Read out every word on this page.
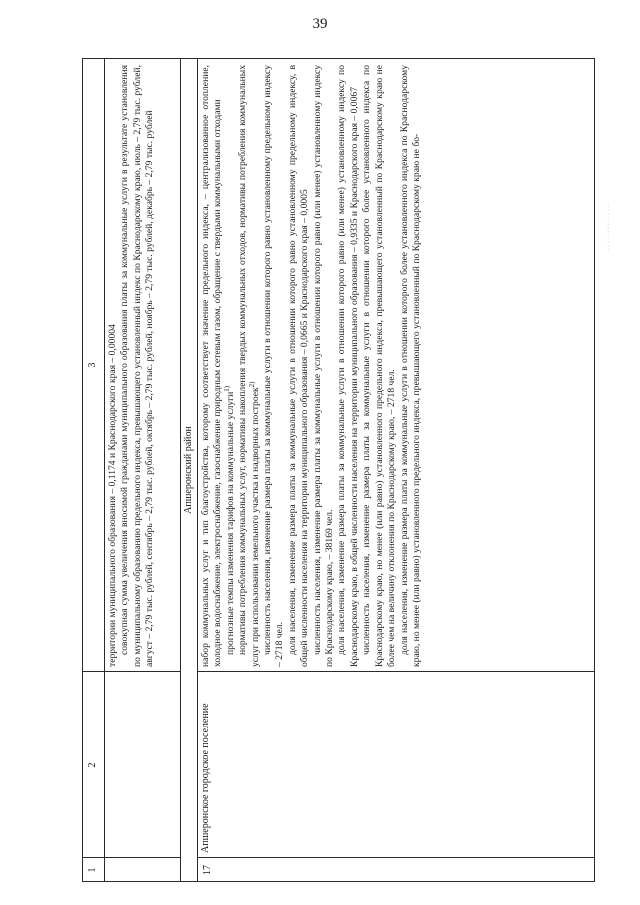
39
1
2
3 территории муниципального образования – 0,1174 и Краснодарского края – 0,00004 совокупная сумма увеличения вносимой гражданами муниципального образования платы за коммунальные услуги в результате установления по муниципальному образованию предельного индекса, превышающего установленный индекс по Краснодарскому краю, июль – 2,79 тыс. рублей, август – 2,79 тыс. рублей, сентябрь – 2,79 тыс. рублей, октябрь – 2,79 тыс. рублей, ноябрь – 2,79 тыс. рублей, декабрь – 2,79 тыс. рублей	Апшеронский район
17
Апшеронское городское поселение

набор коммунальных услуг и тип благоустройства, которому соответствует значение предельного индекса, – централизованное отопление, холодное водоснабжение, электроснабжение, газоснабжение природным сетевым газом, обращение с твердыми коммунальными отходами прогнозные темпы изменения тарифов на коммунальные услуги$^{1)}$ нормативы потребления коммунальных услуг, нормативы накопления твердых коммунальных отходов, нормативы потребления коммунальных услуг при использовании земельного участка и надворных построек$^{2)}$ численность населения, изменение размера платы за коммунальные услуги в отношении которого равно установленному предельному индексу – 2718 чел. доля населения, изменение размера платы за коммунальные услуги в отношении которого равно установленному предельному индексу, в общей численности населения на территории муниципального образования – 0,0665 и Краснодарского края – 0,0005 численность населения, изменение размера платы за коммунальные услуги в отношении которого равно (или менее) установленному индексу по Краснодарскому краю, – 38169 чел. доля населения, изменение размера платы за коммунальные услуги в отношении которого равно (или менее) установленному индексу по Краснодарскому краю, в общей численности населения на территории муниципального образования – 0,9335 и Краснодарского края – 0,0067 численность населения, изменение размера платы за коммунальные услуги в отношении которого более установленного индекса по Краснодарскому краю, но менее (или равно) установленного предельного индекса, превышающего установленный по Краснодарскому краю не более чем на величину отклонения по Краснодарскому краю, – 2718 чел. доля населения, изменение размера платы за коммунальные услуги в отношении которого более установленного индекса по Краснодарскому краю, но менее (или равно) установленного предельного индекса, превышающего установленный по Краснодарскому краю не бо-	· · · · · · · · · · · · · ·
